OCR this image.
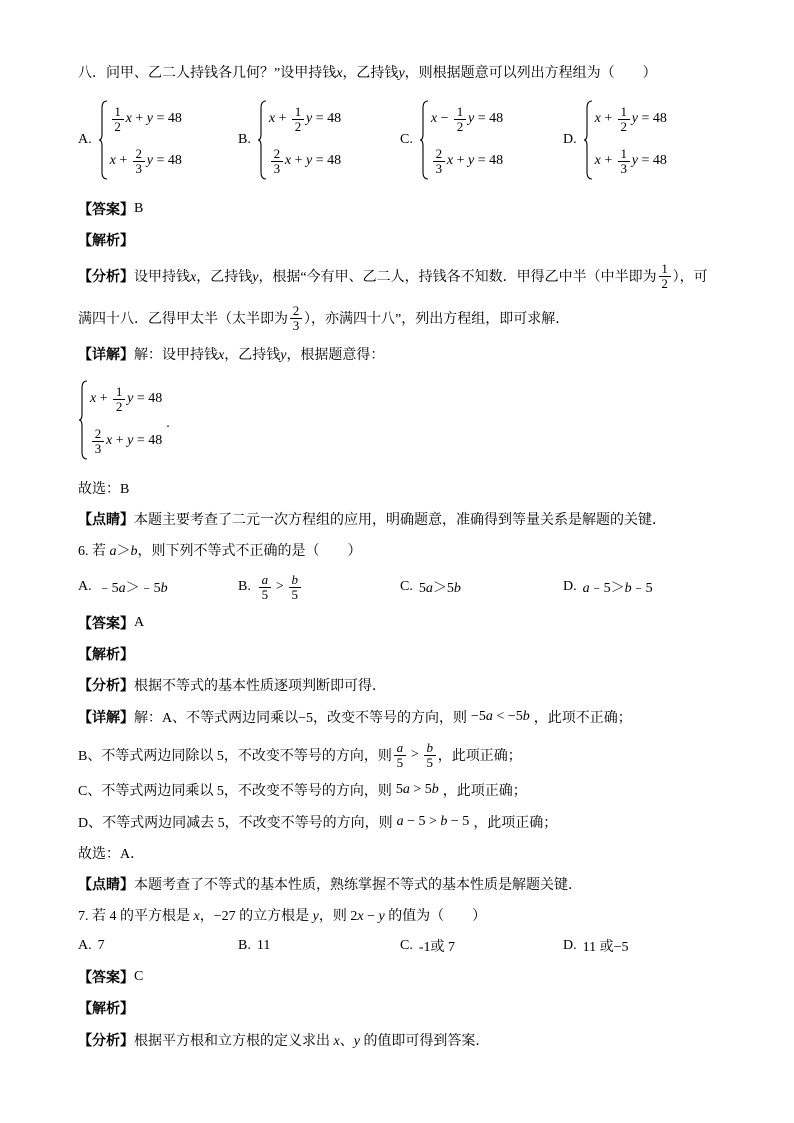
八．问甲、乙二人持钱各几何？”设甲持钱x，乙持钱y，则根据题意可以列出方程组为（　　）
A.
$\frac{1}{2}$ x + y = 48
$x + \frac{2}{3}$ y = 48
B.
$x + \frac{1}{2}$ y = 48
$\frac{2}{3}$ x + y = 48
C.
$x - \frac{1}{2}$ y = 48
$\frac{2}{3}$ x + y = 48
D.
$x + \frac{1}{2}$ y = 48
$x + \frac{1}{3}$ y = 48
【答案】 B
【解析】
【分析】 设甲持钱x，乙持钱y，根据“今有甲、乙二人，持钱各不知数．甲得乙中半（中半即为 $\frac{1}{2}$ ），可
满四十八．乙得甲太半（太半即为 $\frac{2}{3}$ ），亦满四十八”，列出方程组，即可求解．
【详解】 解：设甲持钱x，乙持钱y，根据题意得：
$x + \frac{1}{2}$ y = 48
$\frac{2}{3}$ x + y = 48
.
故选：B
【点睛】 本题主要考查了二元一次方程组的应用，明确题意，准确得到等量关系是解题的关键．
6. 若 a＞b，则下列不等式不正确的是（　　）
A. ﹣5a＞﹣5b	B. $\frac{a}{5} > \frac{b}{5}$	C. 5a＞5b	D. a﹣5＞b﹣5
【答案】 A
【解析】
【分析】 根据不等式的基本性质逐项判断即可得．
【详解】 解：A、不等式两边同乘以−5，改变不等号的方向，则 −5a < −5b ，此项不正确；
B、不等式两边同除以 5，不改变不等号的方向，则 $\frac{a}{5} > \frac{b}{5}$ ，此项正确；
C、不等式两边同乘以 5，不改变不等号的方向，则 5a > 5b ，此项正确；
D、不等式两边同减去 5，不改变不等号的方向，则 a − 5 > b − 5 ，此项正确；
故选：A．
【点睛】 本题考查了不等式的基本性质，熟练掌握不等式的基本性质是解题关键．
7. 若 4 的平方根是 x，−27 的立方根是 y，则 2x − y 的值为（　　）
A. 7	B. 11	C. -1或 7	D. 11 或−5
【答案】 C
【解析】
【分析】 根据平方根和立方根的定义求出 x、y 的值即可得到答案．
